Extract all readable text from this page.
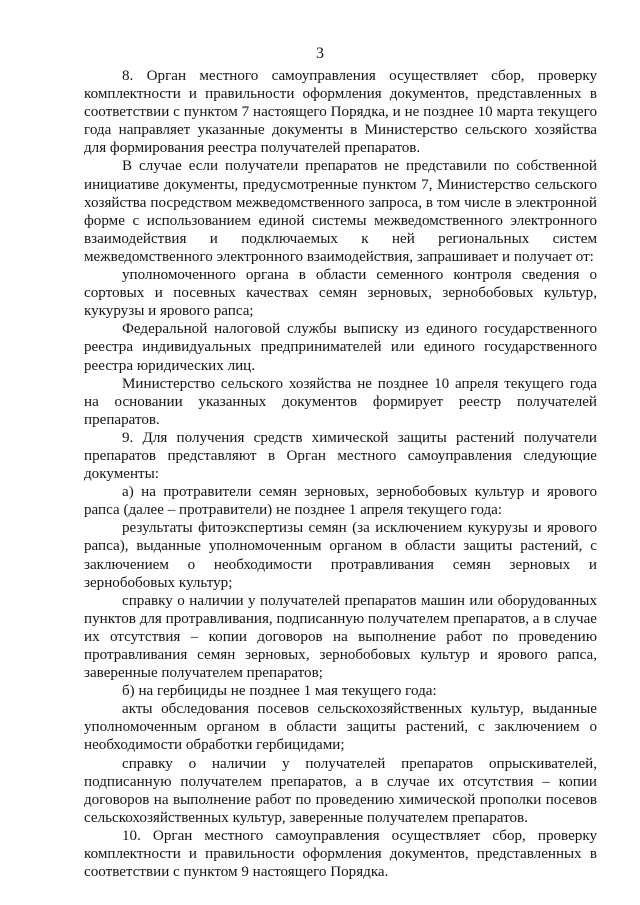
3

8. Орган местного самоуправления осуществляет сбор, проверку комплектности и правильности оформления документов, представленных в соответствии с пунктом 7 настоящего Порядка, и не позднее 10 марта текущего года направляет указанные документы в Министерство сельского хозяйства для формирования реестра получателей препаратов.

В случае если получатели препаратов не представили по собственной инициативе документы, предусмотренные пунктом 7, Министерство сельского хозяйства посредством межведомственного запроса, в том числе в электронной форме с использованием единой системы межведомственного электронного взаимодействия и подключаемых к ней региональных систем межведомственного электронного взаимодействия, запрашивает и получает от:

уполномоченного органа в области семенного контроля сведения о сортовых и посевных качествах семян зерновых, зернобобовых культур, кукурузы и ярового рапса;

Федеральной налоговой службы выписку из единого государственного реестра индивидуальных предпринимателей или единого государственного реестра юридических лиц.

Министерство сельского хозяйства не позднее 10 апреля текущего года на основании указанных документов формирует реестр получателей препаратов.

9. Для получения средств химической защиты растений получатели препаратов представляют в Орган местного самоуправления следующие документы:

а) на протравители семян зерновых, зернобобовых культур и ярового рапса (далее – протравители) не позднее 1 апреля текущего года:

результаты фитоэкспертизы семян (за исключением кукурузы и ярового рапса), выданные уполномоченным органом в области защиты растений, с заключением о необходимости протравливания семян зерновых и зернобобовых культур;

справку о наличии у получателей препаратов машин или оборудованных пунктов для протравливания, подписанную получателем препаратов, а в случае их отсутствия – копии договоров на выполнение работ по проведению протравливания семян зерновых, зернобобовых культур и ярового рапса, заверенные получателем препаратов;

б) на гербициды не позднее 1 мая текущего года:

акты обследования посевов сельскохозяйственных культур, выданные уполномоченным органом в области защиты растений, с заключением о необходимости обработки гербицидами;

справку о наличии у получателей препаратов опрыскивателей, подписанную получателем препаратов, а в случае их отсутствия – копии договоров на выполнение работ по проведению химической прополки посевов сельскохозяйственных культур, заверенные получателем препаратов.

10. Орган местного самоуправления осуществляет сбор, проверку комплектности и правильности оформления документов, представленных в соответствии с пунктом 9 настоящего Порядка.
